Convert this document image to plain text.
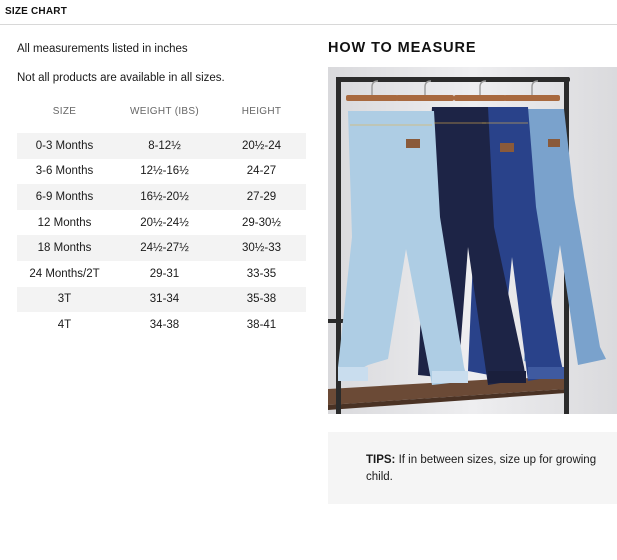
SIZE CHART
All measurements listed in inches
Not all products are available in all sizes.
SIZE	WEIGHT (IBS)	HEIGHT

0-3 Months	8-12½	20½-24
3-6 Months	12½-16½	24-27
6-9 Months	16½-20½	27-29
12 Months	20½-24½	29-30½
18 Months	24½-27½	30½-33
24 Months/2T	29-31	33-35
3T	31-34	35-38
4T	34-38	38-41
HOW TO MEASURE

TIPS: If in between sizes, size up for growing child.
